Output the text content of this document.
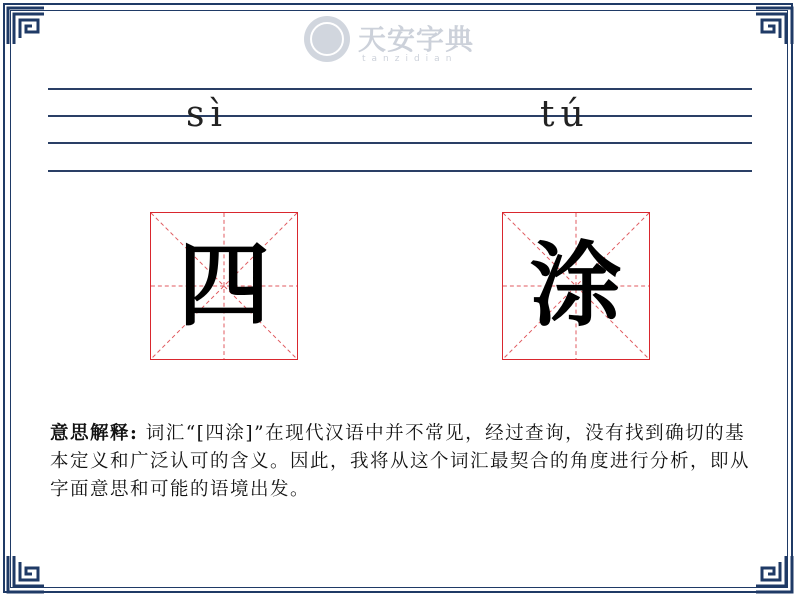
天安字典
tanzidian
sì	tú
四	涂
意思解释: 词汇“[四涂]”在现代汉语中并不常见，经过查询，没有找到确切的基本定义和广泛认可的含义。因此，我将从这个词汇最契合的角度进行分析，即从字面意思和可能的语境出发。
